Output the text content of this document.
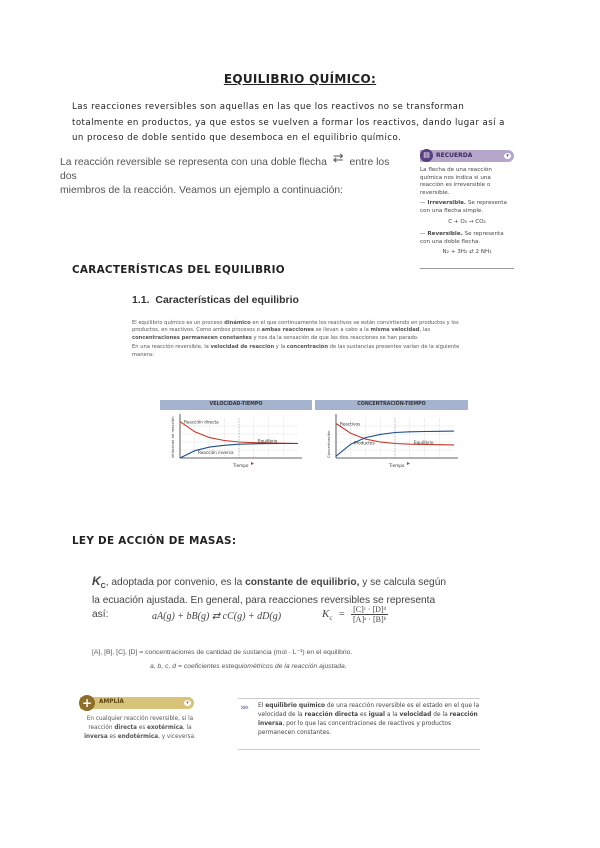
EQUILIBRIO QUÍMICO:
Las reacciones reversibles son aquellas en las que los reactivos no se transforman totalmente en productos, ya que estos se vuelven a formar los reactivos, dando lugar así a un proceso de doble sentido que desemboca en el equilibrio químico.
La reacción reversible se representa con una doble flecha ⇄ entre los dos
miembros de la reacción. Veamos un ejemplo a continuación:
▤	RECUERDA	▾

La flecha de una reacción química nos indica si una reacción es irreversible o reversible.

— Irreversible. Se representa con una flecha simple.

C + O₂ → CO₂

— Reversible. Se representa con una doble flecha.

N₂ + 3H₂ ⇄ 2 NH₃

CARACTERÍSTICAS DEL EQUILIBRIO
1.1. Características del equilibrio

El equilibrio químico es un proceso dinámico en el que continuamente los reactivos se están convirtiendo en productos y los productos, en reactivos. Como ambos procesos o ambas reacciones se llevan a cabo a la misma velocidad, las concentraciones permanecen constantes y nos da la sensación de que las dos reacciones se han parado.

En una reacción reversible, la velocidad de reacción y la concentración de las sustancias presentes varían de la siguiente manera:

VELOCIDAD-TIEMPO	CONCENTRACIÓN-TIEMPO
Reacción directa
Reacción inversa
Equilibrio
Tiempo
Velocidad de reacción	Reactivos
Productos	Equilibrio
Tiempo
Concentración
LEY DE ACCIÓN DE MASAS:
$K_C$, adoptada por convenio, es la constante de equilibrio, y se calcula según la ecuación ajustada. En general, para reacciones reversibles se representa así:	aA(g) + bB(g) ⇄ cC(g) + dD(g)	$K_c = \frac{\text{[C]ᶜ · [D]ᵈ}}{\text{[A]ᵃ · [B]ᵇ}}$
[A], [B], [C], [D] = concentraciones de cantidad de sustancia (mol · L⁻¹) en el equilibrio.
a, b, c, d = coeficientes estequiométricos de la reacción ajustada.
+	AMPLÍA	▾
En cualquier reacción reversible, si la reacción directa es exotérmica, la inversa es endotérmica, y viceversa.
»» El equilibrio químico de una reacción reversible es el estado en el que la velocidad de la reacción directa es igual a la velocidad de la reacción inversa, por lo que las concentraciones de reactivos y productos permanecen constantes.
